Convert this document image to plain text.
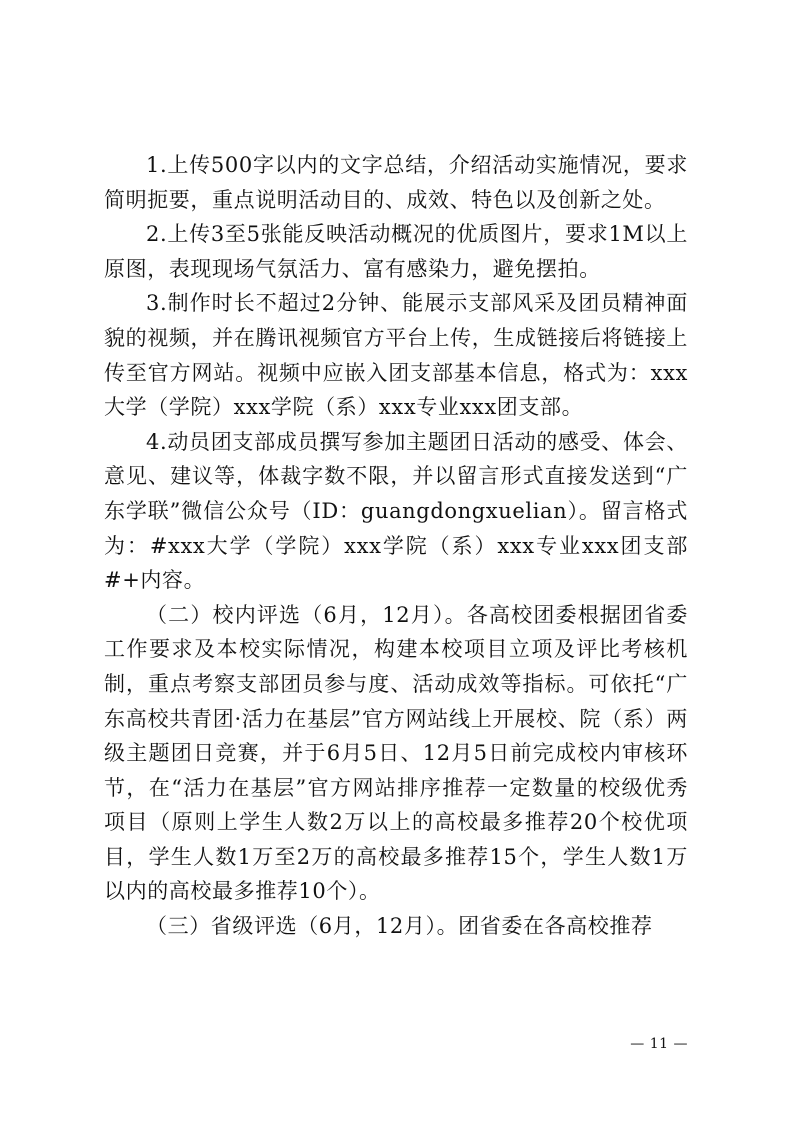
1.上传500字以内的文字总结，介绍活动实施情况，要求简明扼要，重点说明活动目的、成效、特色以及创新之处。

2.上传3至5张能反映活动概况的优质图片，要求1M以上原图，表现现场气氛活力、富有感染力，避免摆拍。

3.制作时长不超过2分钟、能展示支部风采及团员精神面貌的视频，并在腾讯视频官方平台上传，生成链接后将链接上传至官方网站。视频中应嵌入团支部基本信息，格式为：xxx大学（学院）xxx学院（系）xxx专业xxx团支部。

4.动员团支部成员撰写参加主题团日活动的感受、体会、意见、建议等，体裁字数不限，并以留言形式直接发送到“广东学联”微信公众号（ID：guangdongxuelian）。留言格式为：#xxx大学（学院）xxx学院（系）xxx专业xxx团支部#+内容。

（二）校内评选（6月，12月）。各高校团委根据团省委工作要求及本校实际情况，构建本校项目立项及评比考核机制，重点考察支部团员参与度、活动成效等指标。可依托“广东高校共青团·活力在基层”官方网站线上开展校、院（系）两级主题团日竞赛，并于6月5日、12月5日前完成校内审核环节，在“活力在基层”官方网站排序推荐一定数量的校级优秀项目（原则上学生人数2万以上的高校最多推荐20个校优项目，学生人数1万至2万的高校最多推荐15个，学生人数1万以内的高校最多推荐10个）。

（三）省级评选（6月，12月）。团省委在各高校推荐

— 11 —
